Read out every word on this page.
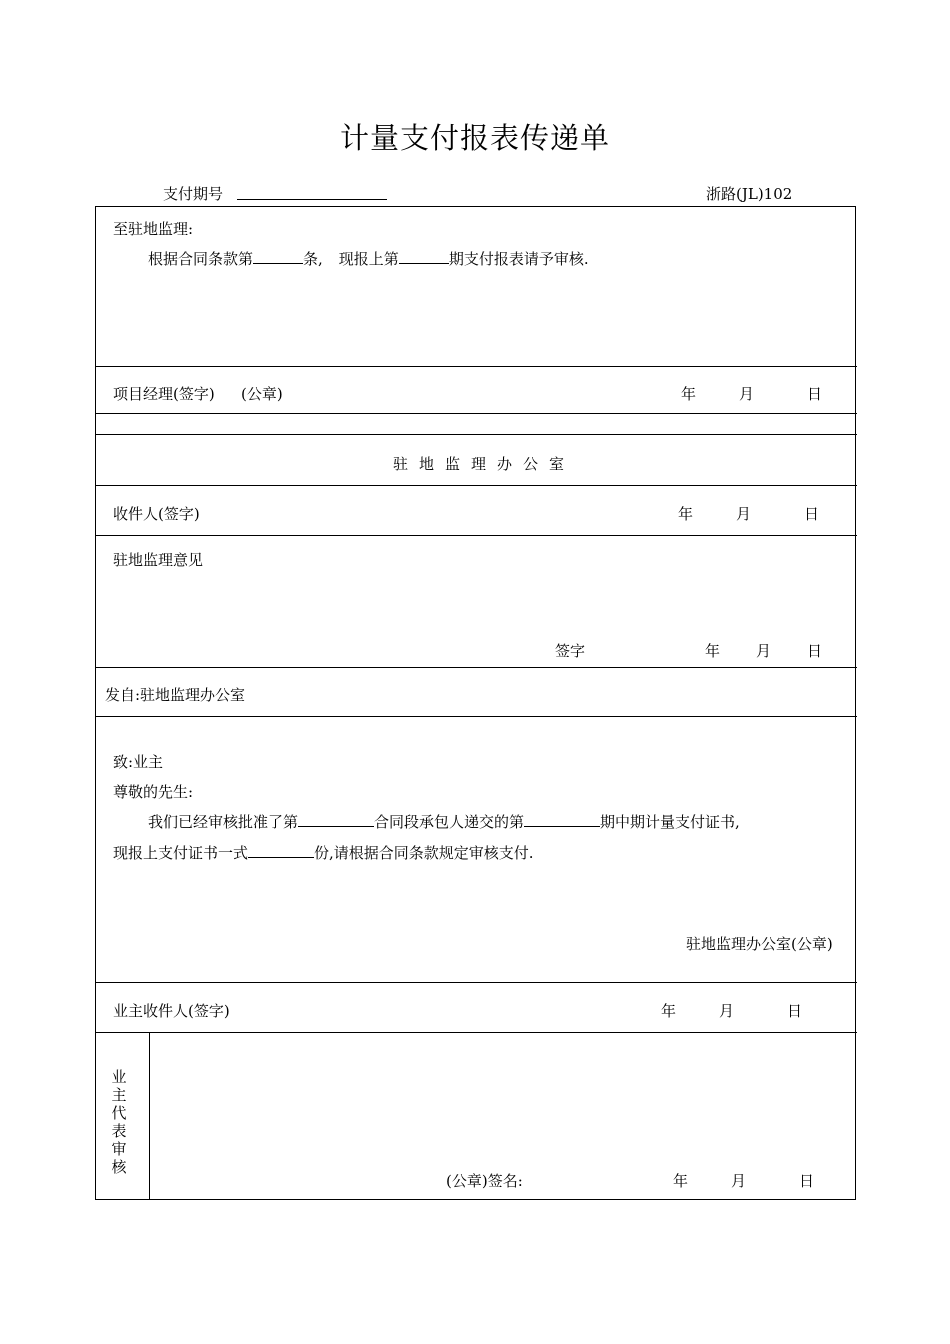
计量支付报表传递单
支付期号	浙路(JL)102
至驻地监理:
根据合同条款第	条, 现报上第	期支付报表请予审核.
项目经理(签字) (公章)	年	月	日
驻地监理办公室
收件人(签字)	年	月	日
驻地监理意见
签字	年 月 日
发自:驻地监理办公室
致:业主
尊敬的先生:
我们已经审核批准了第	合同段承包人递交的第	期中期计量支付证书,
现报上支付证书一式	份,请根据合同条款规定审核支付.
驻地监理办公室(公章)
业主收件人(签字)	年	月	日
业主代表审核
(公章)签名:	年	月	日
